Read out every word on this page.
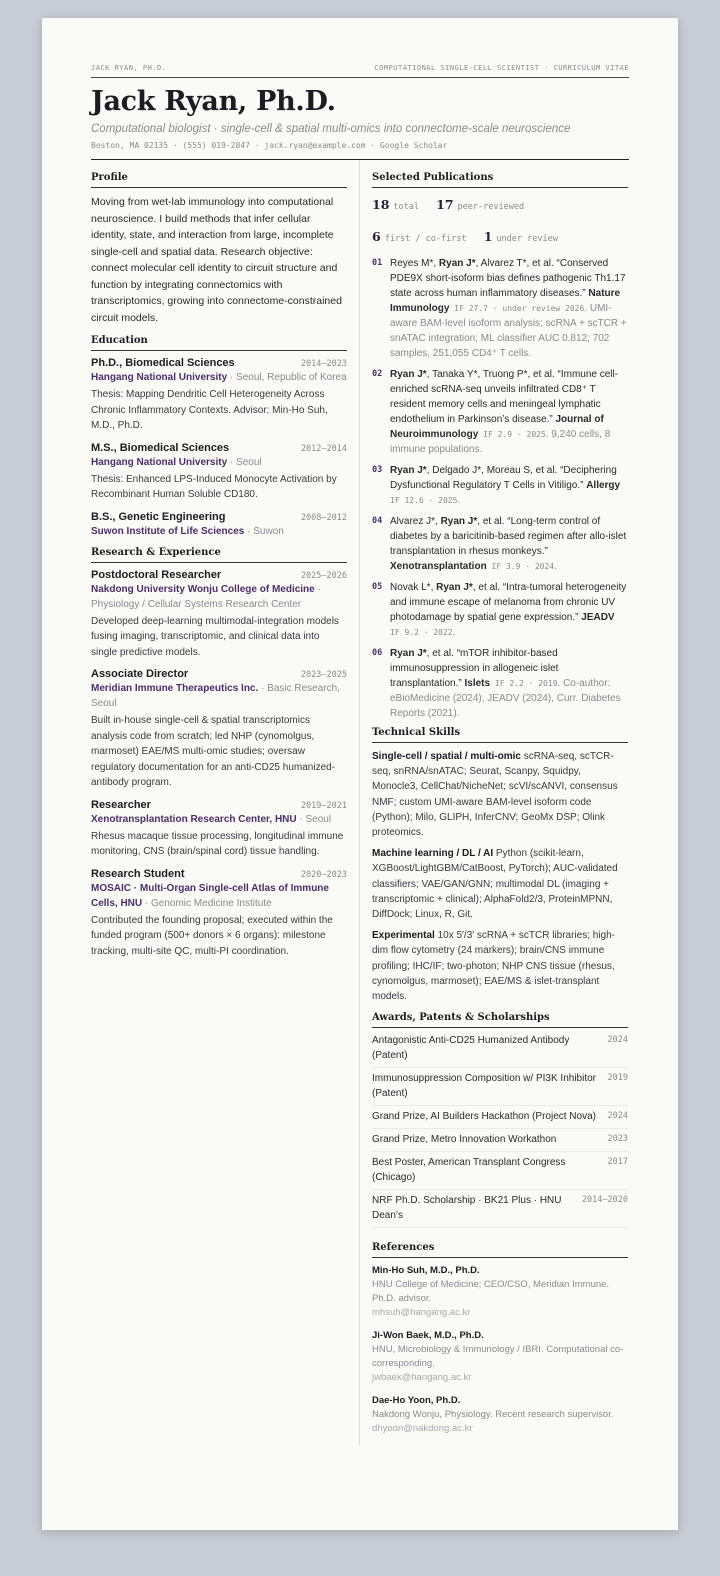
JACK RYAN, PH.D.	COMPUTATIONAL SINGLE-CELL SCIENTIST · CURRICULUM VITAE
Jack Ryan, Ph.D.
Computational biologist · single-cell & spatial multi-omics into connectome-scale neuroscience
Boston, MA 02135 · (555) 019-2847 · jack.ryan@example.com · Google Scholar
Profile
Moving from wet-lab immunology into computational neuroscience. I build methods that infer cellular identity, state, and interaction from large, incomplete single-cell and spatial data. Research objective: connect molecular cell identity to circuit structure and function by integrating connectomics with transcriptomics, growing into connectome-constrained circuit models.
Education
Ph.D., Biomedical Sciences	2014–2023
Hangang National University · Seoul, Republic of Korea
Thesis: Mapping Dendritic Cell Heterogeneity Across Chronic Inflammatory Contexts. Advisor: Min-Ho Suh, M.D., Ph.D.
M.S., Biomedical Sciences	2012–2014
Hangang National University · Seoul
Thesis: Enhanced LPS-Induced Monocyte Activation by Recombinant Human Soluble CD180.
B.S., Genetic Engineering	2008–2012
Suwon Institute of Life Sciences · Suwon
Research & Experience
Postdoctoral Researcher	2025–2026
Nakdong University Wonju College of Medicine · Physiology / Cellular Systems Research Center
Developed deep-learning multimodal-integration models fusing imaging, transcriptomic, and clinical data into single predictive models.
Associate Director	2023–2025
Meridian Immune Therapeutics Inc. · Basic Research, Seoul
Built in-house single-cell & spatial transcriptomics analysis code from scratch; led NHP (cynomolgus, marmoset) EAE/MS multi-omic studies; oversaw regulatory documentation for an anti-CD25 humanized-antibody program.
Researcher	2019–2021
Xenotransplantation Research Center, HNU · Seoul
Rhesus macaque tissue processing, longitudinal immune monitoring, CNS (brain/spinal cord) tissue handling.
Research Student	2020–2023
MOSAIC · Multi-Organ Single-cell Atlas of Immune Cells, HNU · Genomic Medicine Institute
Contributed the founding proposal; executed within the funded program (500+ donors × 6 organs): milestone tracking, multi-site QC, multi-PI coordination.
Selected Publications
18 total 17 peer-reviewed
6 first / co-first 1 under review
01 Reyes M*, Ryan J*, Alvarez T*, et al. “Conserved PDE9X short-isoform bias defines pathogenic Th1.17 state across human inflammatory diseases.” Nature Immunology IF 27.7 · under review 2026. UMI-aware BAM-level isoform analysis; scRNA + scTCR + snATAC integration; ML classifier AUC 0.812; 702 samples, 251,055 CD4⁺ T cells.
02 Ryan J*, Tanaka Y*, Truong P*, et al. “Immune cell-enriched scRNA-seq unveils infiltrated CD8⁺ T resident memory cells and meningeal lymphatic endothelium in Parkinson’s disease.” Journal of Neuroimmunology IF 2.9 · 2025. 9,240 cells, 8 immune populations.
03 Ryan J*, Delgado J*, Moreau S, et al. “Deciphering Dysfunctional Regulatory T Cells in Vitiligo.” Allergy IF 12.6 · 2025.
04 Alvarez J*, Ryan J*, et al. “Long-term control of diabetes by a baricitinib-based regimen after allo-islet transplantation in rhesus monkeys.” Xenotransplantation IF 3.9 · 2024.
05 Novak L*, Ryan J*, et al. “Intra-tumoral heterogeneity and immune escape of melanoma from chronic UV photodamage by spatial gene expression.” JEADV IF 9.2 · 2022.
06 Ryan J*, et al. “mTOR inhibitor-based immunosuppression in allogeneic islet transplantation.” Islets IF 2.2 · 2019. Co-author: eBioMedicine (2024), JEADV (2024), Curr. Diabetes Reports (2021).
Technical Skills
Single-cell / spatial / multi-omic scRNA-seq, scTCR-seq, snRNA/snATAC; Seurat, Scanpy, Squidpy, Monocle3, CellChat/NicheNet; scVI/scANVI, consensus NMF; custom UMI-aware BAM-level isoform code (Python); Milo, GLIPH, InferCNV; GeoMx DSP; Olink proteomics.
Machine learning / DL / AI Python (scikit-learn, XGBoost/LightGBM/CatBoost, PyTorch); AUC-validated classifiers; VAE/GAN/GNN; multimodal DL (imaging + transcriptomic + clinical); AlphaFold2/3, ProteinMPNN, DiffDock; Linux, R, Git.
Experimental 10x 5′/3′ scRNA + scTCR libraries; high-dim flow cytometry (24 markers); brain/CNS immune profiling; IHC/IF; two-photon; NHP CNS tissue (rhesus, cynomolgus, marmoset); EAE/MS & islet-transplant models.
Awards, Patents & Scholarships
Antagonistic Anti-CD25 Humanized Antibody (Patent)
2024
Immunosuppression Composition w/ PI3K Inhibitor (Patent)
2019
Grand Prize, AI Builders Hackathon (Project Nova)	2024
Grand Prize, Metro Innovation Workathon	2023
Best Poster, American Transplant Congress (Chicago)
2017
NRF Ph.D. Scholarship · BK21 Plus · HNU Dean’s
2014–2020
References
Min-Ho Suh, M.D., Ph.D.
HNU College of Medicine; CEO/CSO, Meridian Immune. Ph.D. advisor.
mhsuh@hangang.ac.kr
Ji-Won Baek, M.D., Ph.D.
HNU, Microbiology & Immunology / IBRI. Computational co-corresponding.
jwbaek@hangang.ac.kr
Dae-Ho Yoon, Ph.D.
Nakdong Wonju, Physiology. Recent research supervisor.
dhyoon@nakdong.ac.kr
